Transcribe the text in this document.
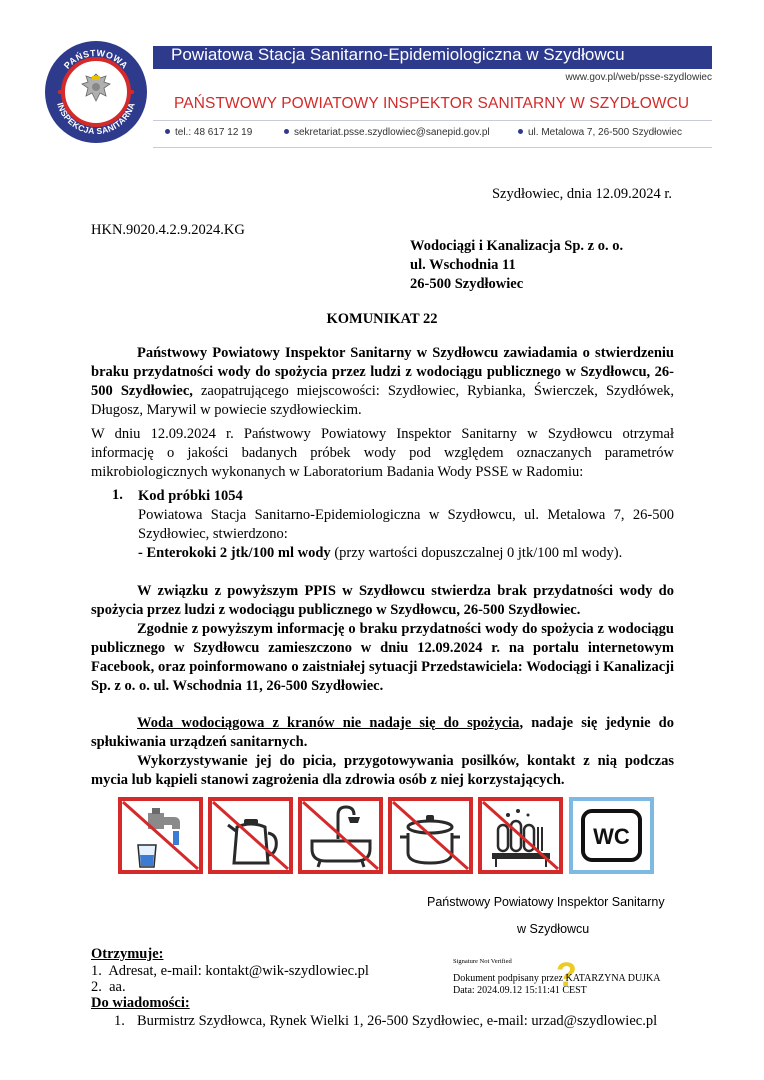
PAŃSTWOWA
INSPEKCJA SANITARNA
Powiatowa Stacja Sanitarno-Epidemiologiczna w Szydłowcu
www.gov.pl/web/psse-szydlowiec
PAŃSTWOWY POWIATOWY INSPEKTOR SANITARNY W SZYDŁOWCU
tel.: 48 617 12 19	sekretariat.psse.szydlowiec@sanepid.gov.pl	ul. Metalowa 7, 26-500 Szydłowiec
Szydłowiec, dnia 12.09.2024 r.
HKN.9020.4.2.9.2024.KG
Wodociągi i Kanalizacja Sp. z o. o.
ul. Wschodnia 11
26-500 Szydłowiec
KOMUNIKAT 22
Państwowy Powiatowy Inspektor Sanitarny w Szydłowcu zawiadamia o stwierdzeniu braku przydatności wody do spożycia przez ludzi z wodociągu publicznego w Szydłowcu, 26-500 Szydłowiec, zaopatrującego miejscowości: Szydłowiec, Rybianka, Świerczek, Szydłówek, Długosz, Marywil w powiecie szydłowieckim.
W dniu 12.09.2024 r. Państwowy Powiatowy Inspektor Sanitarny w Szydłowcu otrzymał informację o jakości badanych próbek wody pod względem oznaczanych parametrów mikrobiologicznych wykonanych w Laboratorium Badania Wody PSSE w Radomiu:
1. Kod próbki 1054
Powiatowa Stacja Sanitarno-Epidemiologiczna w Szydłowcu, ul. Metalowa 7, 26-500 Szydłowiec, stwierdzono:
- Enterokoki 2 jtk/100 ml wody (przy wartości dopuszczalnej 0 jtk/100 ml wody).
W związku z powyższym PPIS w Szydłowcu stwierdza brak przydatności wody do spożycia przez ludzi z wodociągu publicznego w Szydłowcu, 26-500 Szydłowiec.
Zgodnie z powyższym informację o braku przydatności wody do spożycia z wodociągu publicznego w Szydłowcu zamieszczono w dniu 12.09.2024 r. na portalu internetowym Facebook, oraz poinformowano o zaistniałej sytuacji Przedstawiciela: Wodociągi i Kanalizacji Sp. z o. o. ul. Wschodnia 11, 26-500 Szydłowiec.
Woda wodociągowa z kranów nie nadaje się do spożycia, nadaje się jedynie do spłukiwania urządzeń sanitarnych.
Wykorzystywanie jej do picia, przygotowywania posilków, kontakt z nią podczas mycia lub kąpieli stanowi zagrożenia dla zdrowia osób z niej korzystających.
WC
Państwowy Powiatowy Inspektor Sanitarny
w Szydłowcu
Signature Not Verified ?
Dokument podpisany przez KATARZYNA DUJKA
Data: 2024.09.12 15:11:41 CEST
Otrzymuje:
1.  Adresat, e-mail: kontakt@wik-szydlowiec.pl
2.  aa.
Do wiadomości:
1. Burmistrz Szydłowca, Rynek Wielki 1, 26-500 Szydłowiec, e-mail: urzad@szydlowiec.pl
